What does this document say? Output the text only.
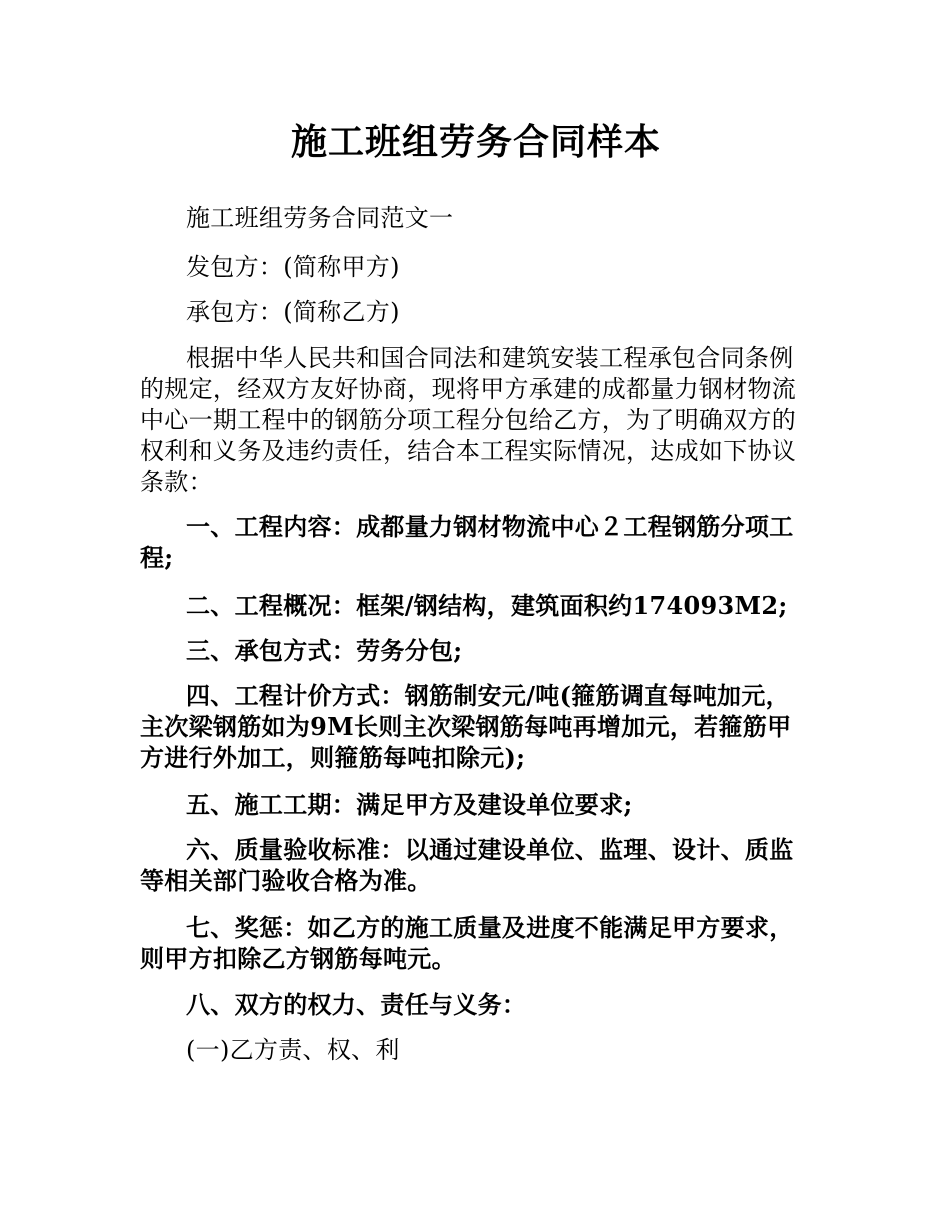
施工班组劳务合同样本

施工班组劳务合同范文一

发包方：(简称甲方)

承包方：(简称乙方)

根据中华人民共和国合同法和建筑安装工程承包合同条例的规定，经双方友好协商，现将甲方承建的成都量力钢材物流中心一期工程中的钢筋分项工程分包给乙方，为了明确双方的权利和义务及违约责任，结合本工程实际情况，达成如下协议条款：

一、工程内容：成都量力钢材物流中心２工程钢筋分项工程;

二、工程概况：框架/钢结构，建筑面积约174093M2;

三、承包方式：劳务分包;

四、工程计价方式：钢筋制安元/吨(箍筋调直每吨加元，主次梁钢筋如为9M长则主次梁钢筋每吨再增加元，若箍筋甲方进行外加工，则箍筋每吨扣除元);

五、施工工期：满足甲方及建设单位要求;

六、质量验收标准：以通过建设单位、监理、设计、质监等相关部门验收合格为准。

七、奖惩：如乙方的施工质量及进度不能满足甲方要求，则甲方扣除乙方钢筋每吨元。

八、双方的权力、责任与义务：

(一)乙方责、权、利
